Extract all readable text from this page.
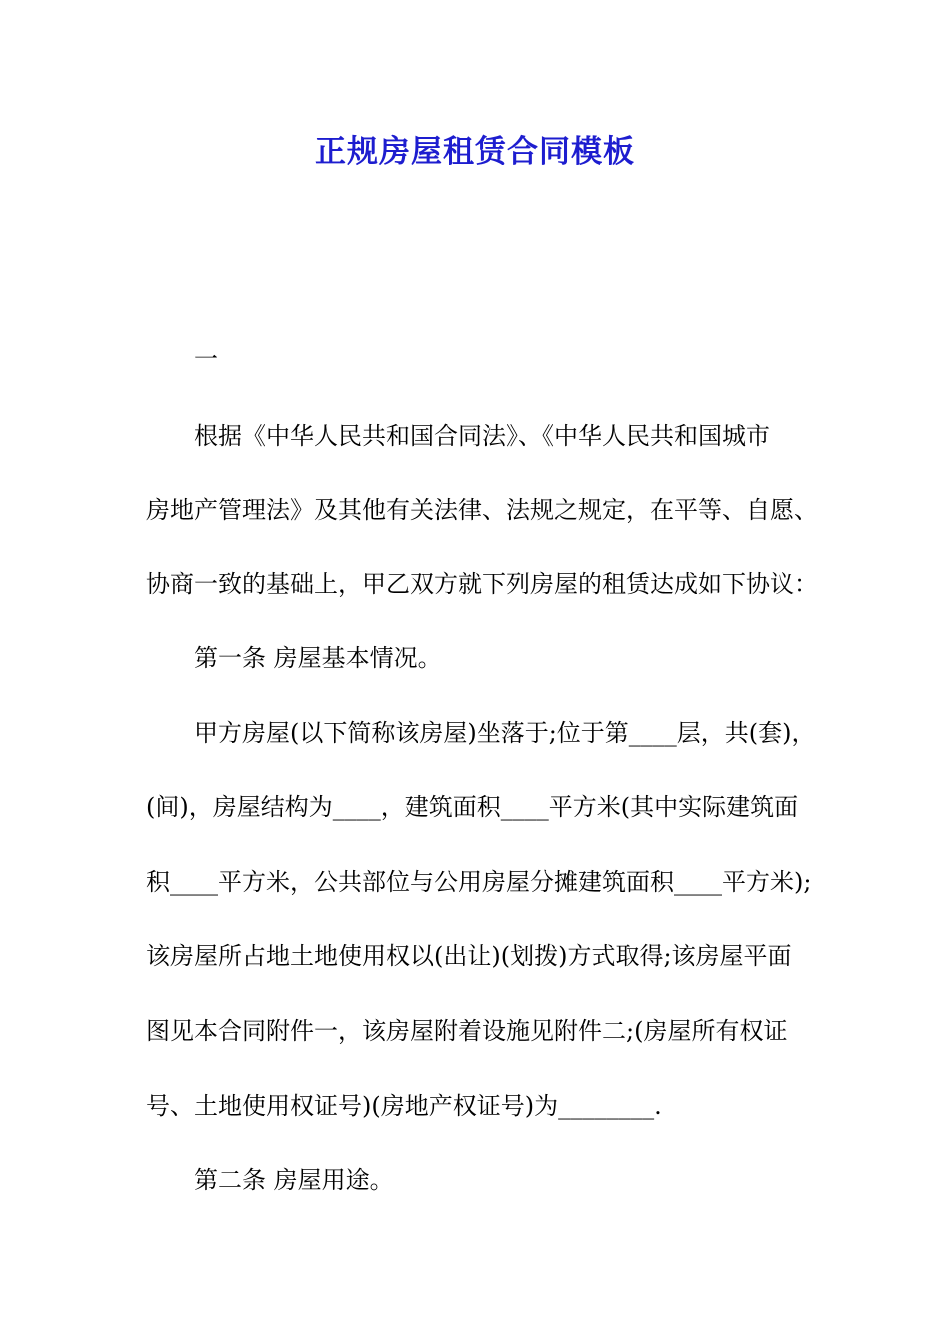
正规房屋租赁合同模板
一
根据《中华人民共和国合同法》、《中华人民共和国城市
房地产管理法》及其他有关法律、法规之规定，在平等、自愿、
协商一致的基础上，甲乙双方就下列房屋的租赁达成如下协议：
第一条 房屋基本情况。
甲方房屋(以下简称该房屋)坐落于;位于第____层，共(套)，
(间)，房屋结构为____，建筑面积____平方米(其中实际建筑面
积____平方米，公共部位与公用房屋分摊建筑面积____平方米);
该房屋所占地土地使用权以(出让)(划拨)方式取得;该房屋平面
图见本合同附件一，该房屋附着设施见附件二;(房屋所有权证
号、土地使用权证号)(房地产权证号)为________.
第二条 房屋用途。
